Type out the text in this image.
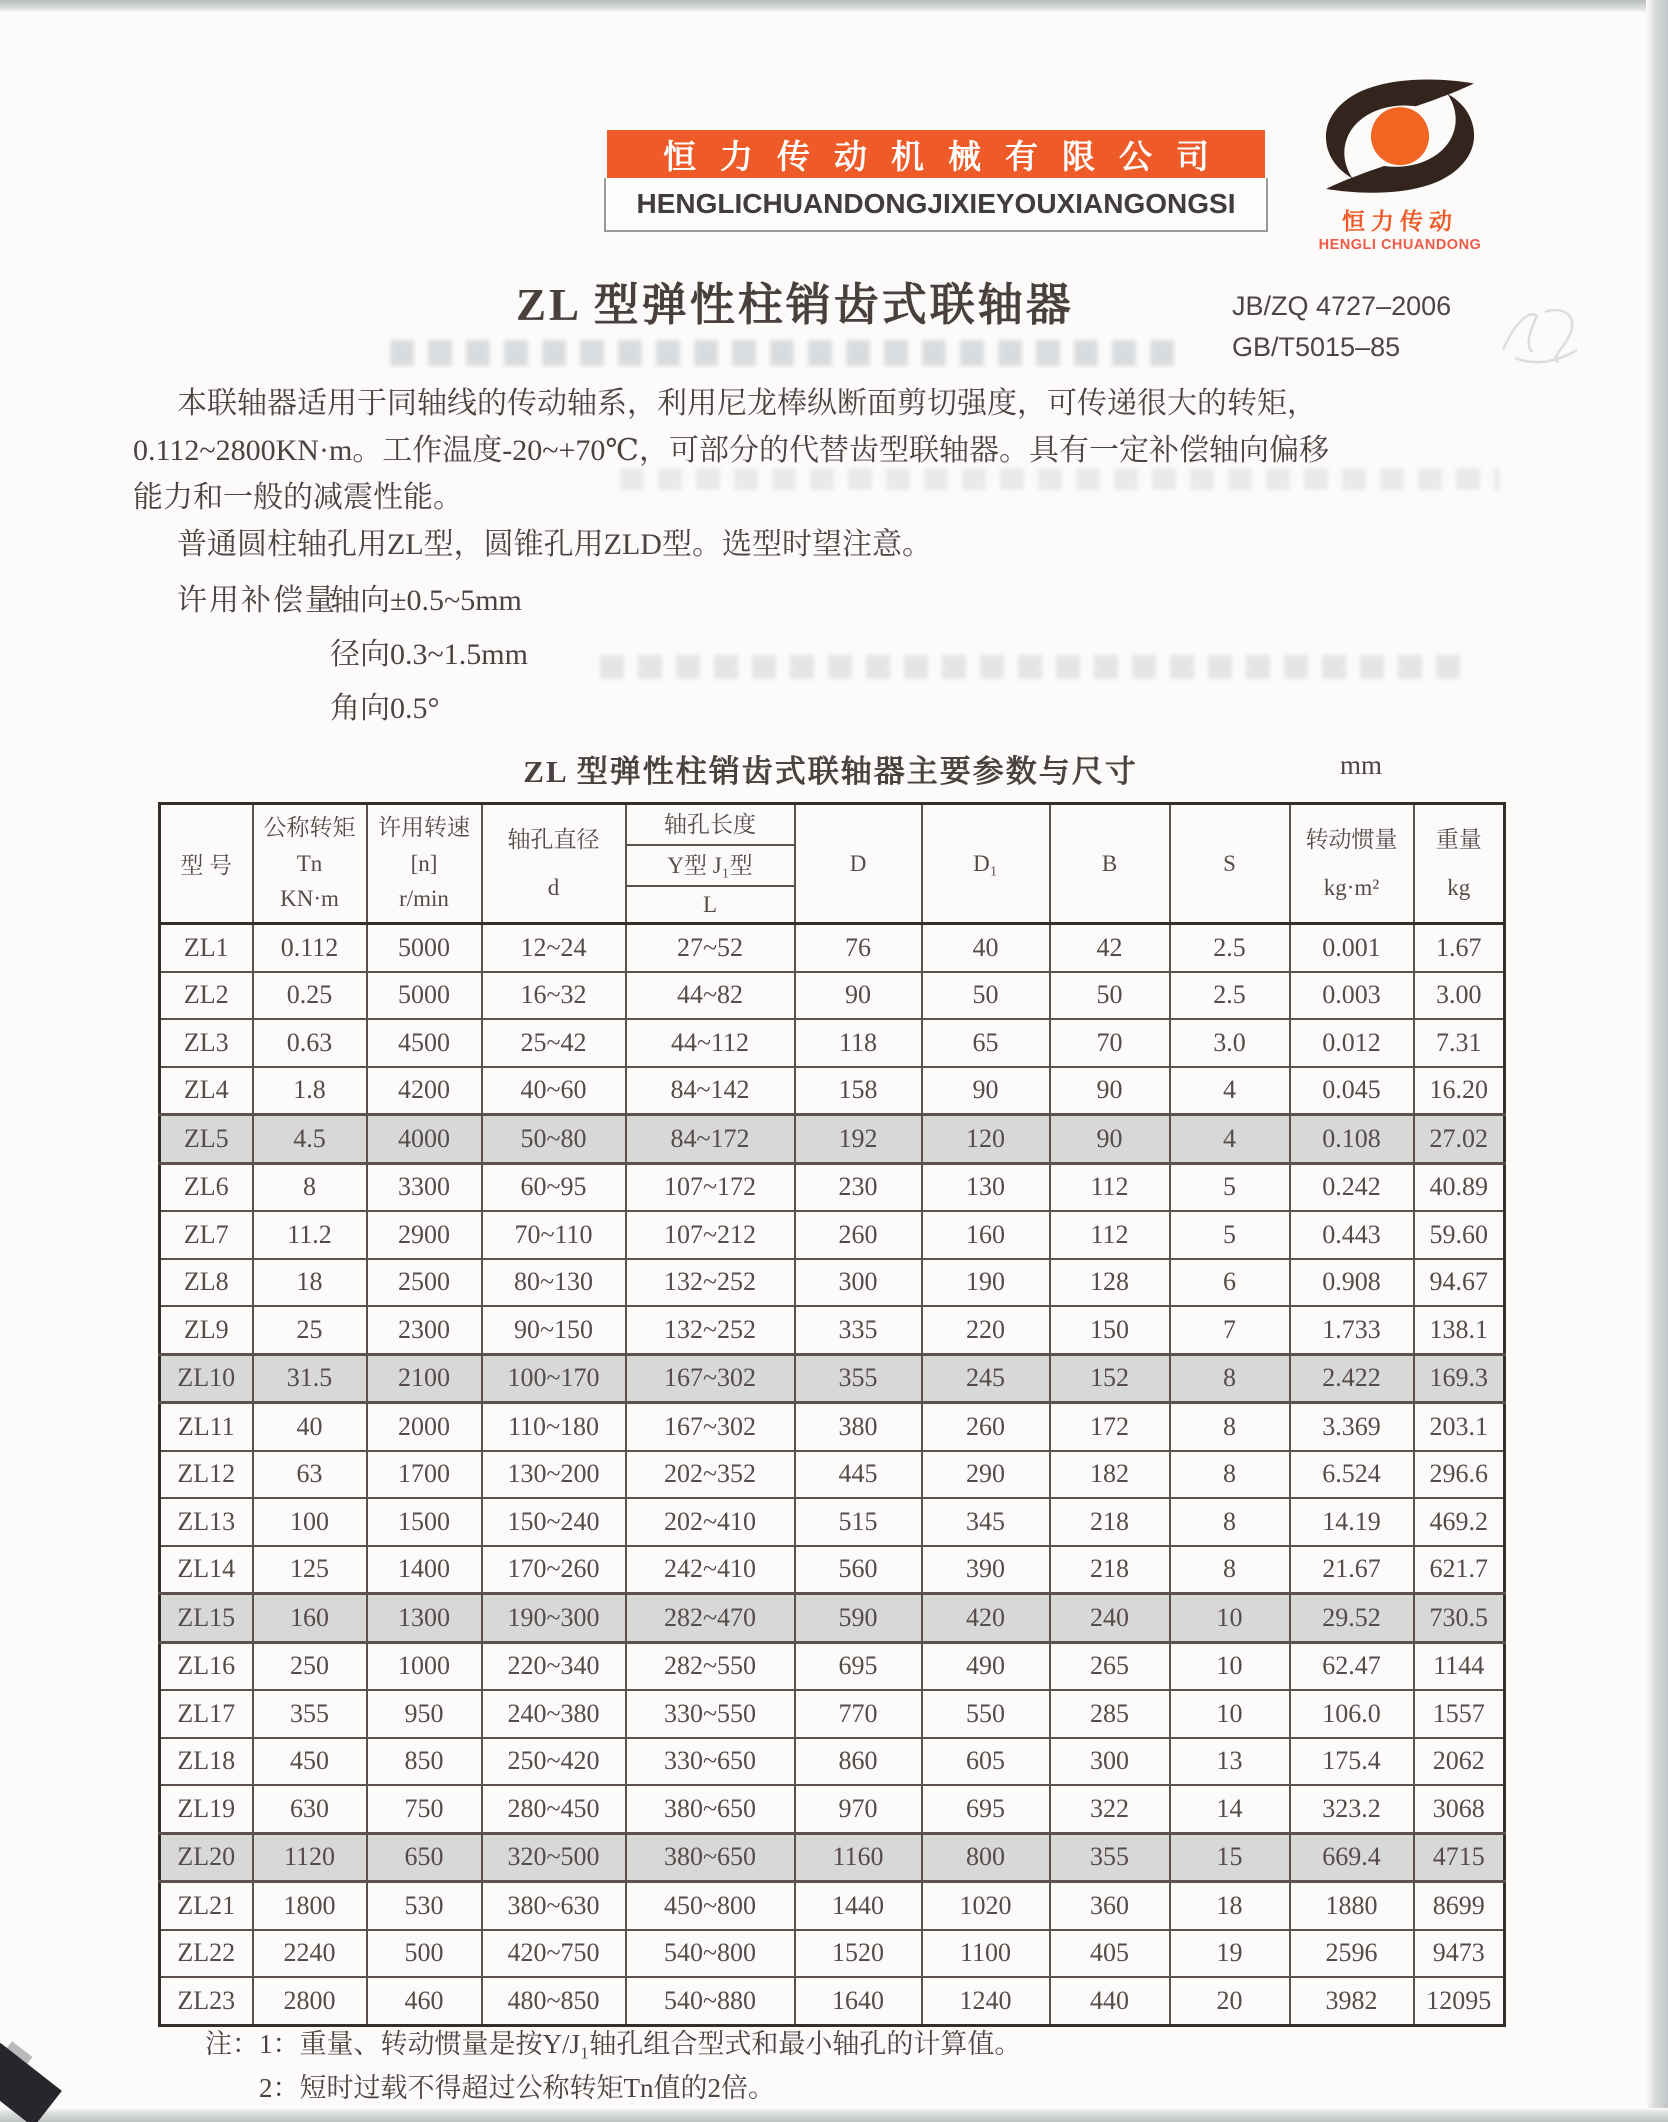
恒力传动机械有限公司
HENGLICHUANDONGJIXIEYOUXIANGONGSI
恒力传动
HENGLI CHUANDONG
ZL 型弹性柱销齿式联轴器	JB/ZQ 4727–2006
GB/T5015–85
本联轴器适用于同轴线的传动轴系，利用尼龙棒纵断面剪切强度，可传递很大的转矩，
0.112~2800KN·m。工作温度-20~+70℃，可部分的代替齿型联轴器。具有一定补偿轴向偏移
能力和一般的减震性能。
普通圆柱轴孔用ZL型，圆锥孔用ZLD型。选型时望注意。
许用补偿量
轴向±0.5~5mm
径向0.3~1.5mm
角向0.5°
ZL 型弹性柱销齿式联轴器主要参数与尺寸	mm
型 号

公称转矩
Tn
KN·m

许用转速
[n]
r/min

轴孔直径
d

轴孔长度
Y型 J₁型
L

D	D₁	B	S

转动惯量
kg·m²

重量
kg

ZL1	0.112	5000	12~24	27~52	76	40	42	2.5	0.001	1.67
ZL2	0.25	5000	16~32	44~82	90	50	50	2.5	0.003	3.00
ZL3	0.63	4500	25~42	44~112	118	65	70	3.0	0.012	7.31
ZL4	1.8	4200	40~60	84~142	158	90	90	4	0.045	16.20
ZL5	4.5	4000	50~80	84~172	192	120	90	4	0.108	27.02
ZL6	8	3300	60~95	107~172	230	130	112	5	0.242	40.89
ZL7	11.2	2900	70~110	107~212	260	160	112	5	0.443	59.60
ZL8	18	2500	80~130	132~252	300	190	128	6	0.908	94.67
ZL9	25	2300	90~150	132~252	335	220	150	7	1.733	138.1
ZL10	31.5	2100	100~170	167~302	355	245	152	8	2.422	169.3
ZL11	40	2000	110~180	167~302	380	260	172	8	3.369	203.1
ZL12	63	1700	130~200	202~352	445	290	182	8	6.524	296.6
ZL13	100	1500	150~240	202~410	515	345	218	8	14.19	469.2
ZL14	125	1400	170~260	242~410	560	390	218	8	21.67	621.7
ZL15	160	1300	190~300	282~470	590	420	240	10	29.52	730.5
ZL16	250	1000	220~340	282~550	695	490	265	10	62.47	1144
ZL17	355	950	240~380	330~550	770	550	285	10	106.0	1557
ZL18	450	850	250~420	330~650	860	605	300	13	175.4	2062
ZL19	630	750	280~450	380~650	970	695	322	14	323.2	3068
ZL20	1120	650	320~500	380~650	1160	800	355	15	669.4	4715
ZL21	1800	530	380~630	450~800	1440	1020	360	18	1880	8699
ZL22	2240	500	420~750	540~800	1520	1100	405	19	2596	9473
ZL23	2800	460	480~850	540~880	1640	1240	440	20	3982	12095
注：1：重量、转动惯量是按Y/J₁轴孔组合型式和最小轴孔的计算值。
2：短时过载不得超过公称转矩Tn值的2倍。
